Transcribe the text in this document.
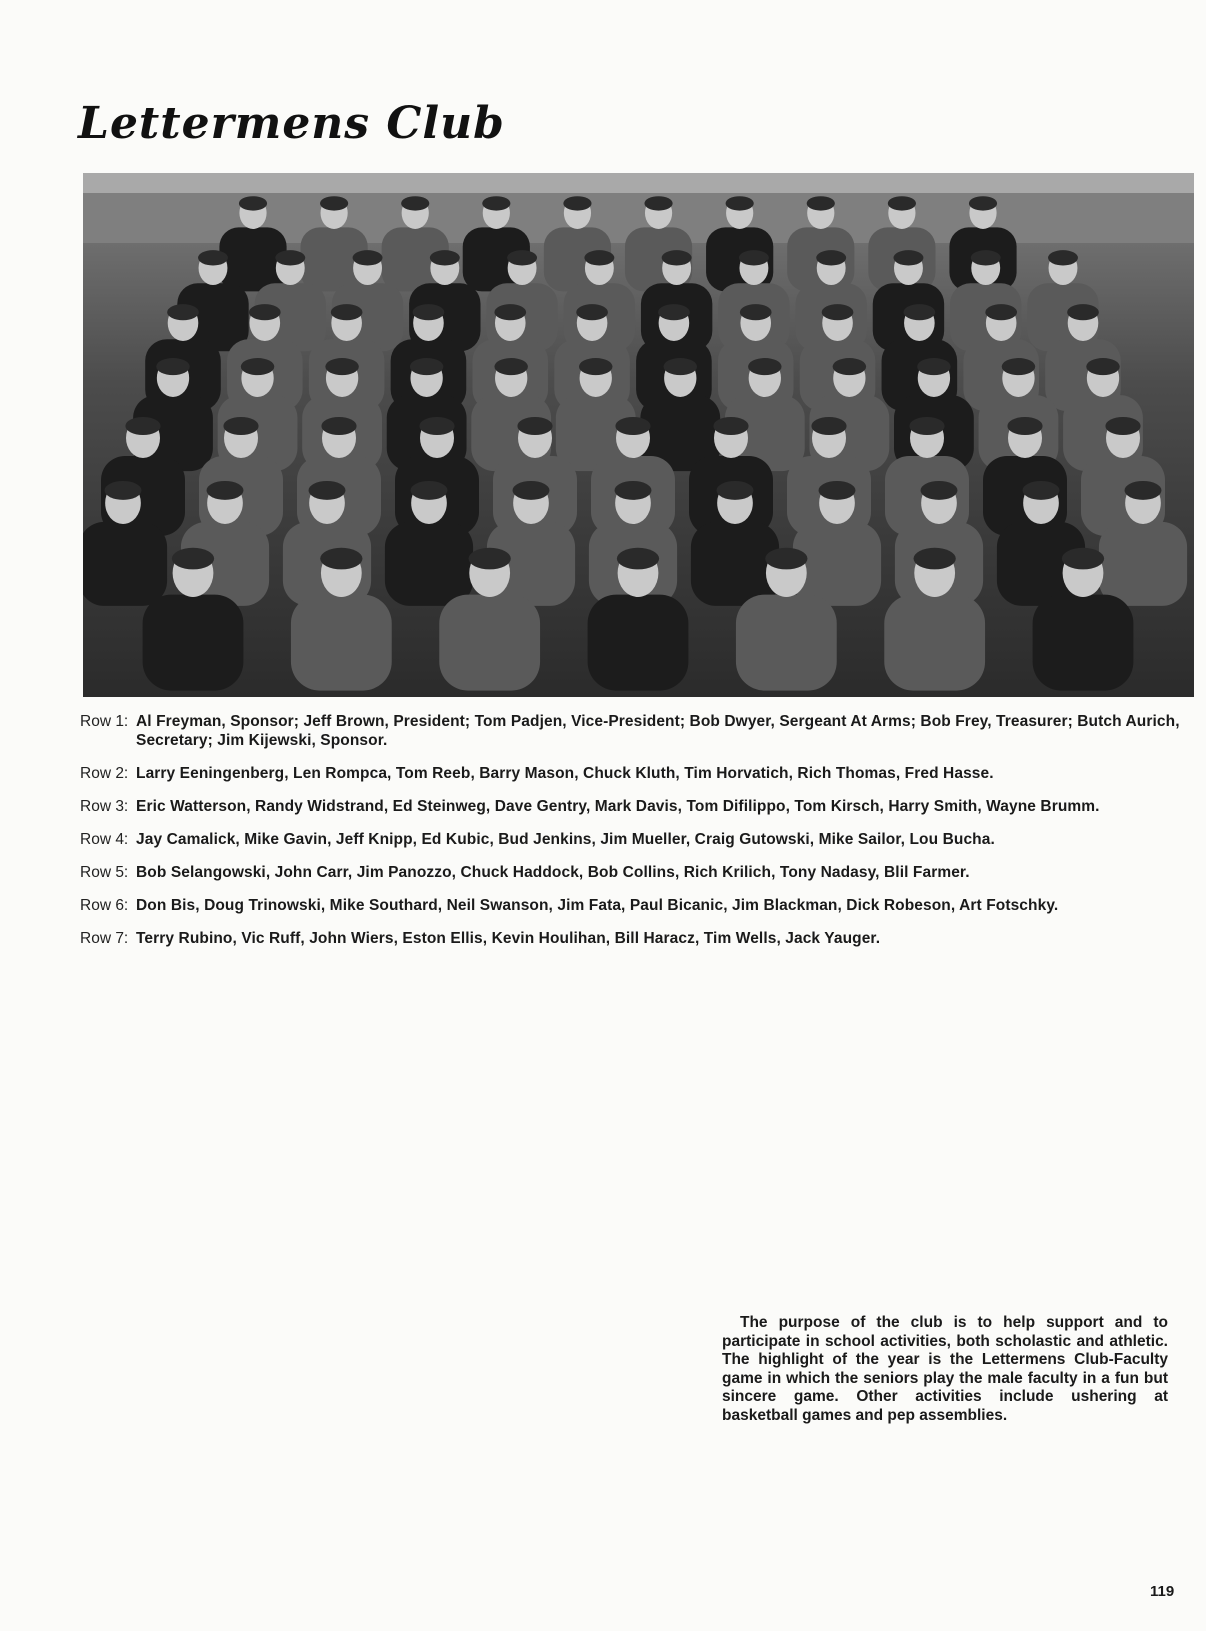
Lettermens Club
Row 1: Al Freyman, Sponsor; Jeff Brown, President; Tom Padjen, Vice-President; Bob Dwyer, Sergeant At Arms; Bob Frey, Treasurer; Butch Aurich, Secretary; Jim Kijewski, Sponsor.
Row 2: Larry Eeningenberg, Len Rompca, Tom Reeb, Barry Mason, Chuck Kluth, Tim Horvatich, Rich Thomas, Fred Hasse.
Row 3: Eric Watterson, Randy Widstrand, Ed Steinweg, Dave Gentry, Mark Davis, Tom Difilippo, Tom Kirsch, Harry Smith, Wayne Brumm.
Row 4: Jay Camalick, Mike Gavin, Jeff Knipp, Ed Kubic, Bud Jenkins, Jim Mueller, Craig Gutowski, Mike Sailor, Lou Bucha.
Row 5: Bob Selangowski, John Carr, Jim Panozzo, Chuck Haddock, Bob Collins, Rich Krilich, Tony Nadasy, Blil Farmer.
Row 6: Don Bis, Doug Trinowski, Mike Southard, Neil Swanson, Jim Fata, Paul Bicanic, Jim Blackman, Dick Robeson, Art Fotschky.
Row 7: Terry Rubino, Vic Ruff, John Wiers, Eston Ellis, Kevin Houlihan, Bill Haracz, Tim Wells, Jack Yauger.
The purpose of the club is to help support and to participate in school activities, both scholastic and athletic. The highlight of the year is the Lettermens Club-Faculty game in which the seniors play the male faculty in a fun but sincere game. Other activities include ushering at basketball games and pep assemblies.
119
